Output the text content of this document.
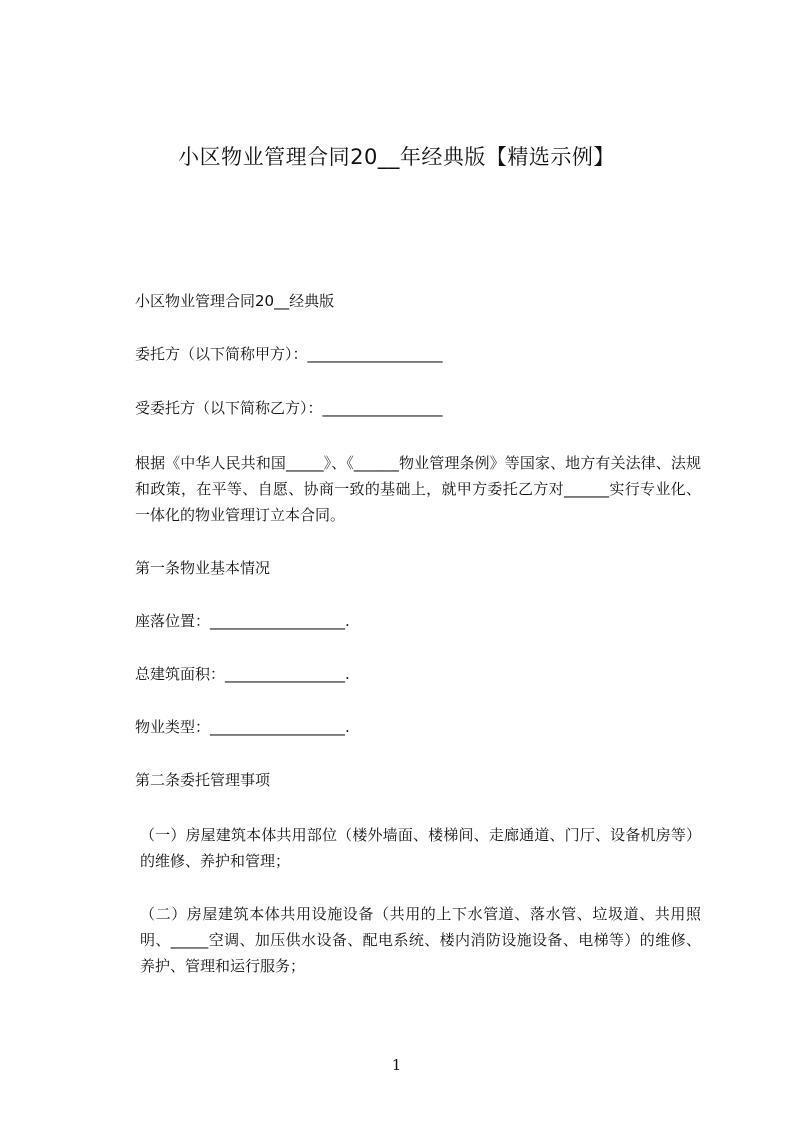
小区物业管理合同20__年经典版【精选示例】
小区物业管理合同20__经典版
委托方（以下简称甲方）：__________________
受委托方（以下简称乙方）：________________
根据《中华人民共和国_____》、《______物业管理条例》等国家、地方有关法律、法规和政策，在平等、自愿、协商一致的基础上，就甲方委托乙方对______实行专业化、一体化的物业管理订立本合同。
第一条物业基本情况
座落位置：__________________.
总建筑面积：________________.
物业类型：__________________.
第二条委托管理事项
（一）房屋建筑本体共用部位（楼外墙面、楼梯间、走廊通道、门厅、设备机房等）的维修、养护和管理；
（二）房屋建筑本体共用设施设备（共用的上下水管道、落水管、垃圾道、共用照明、_____空调、加压供水设备、配电系统、楼内消防设施设备、电梯等）的维修、养护、管理和运行服务；
1
